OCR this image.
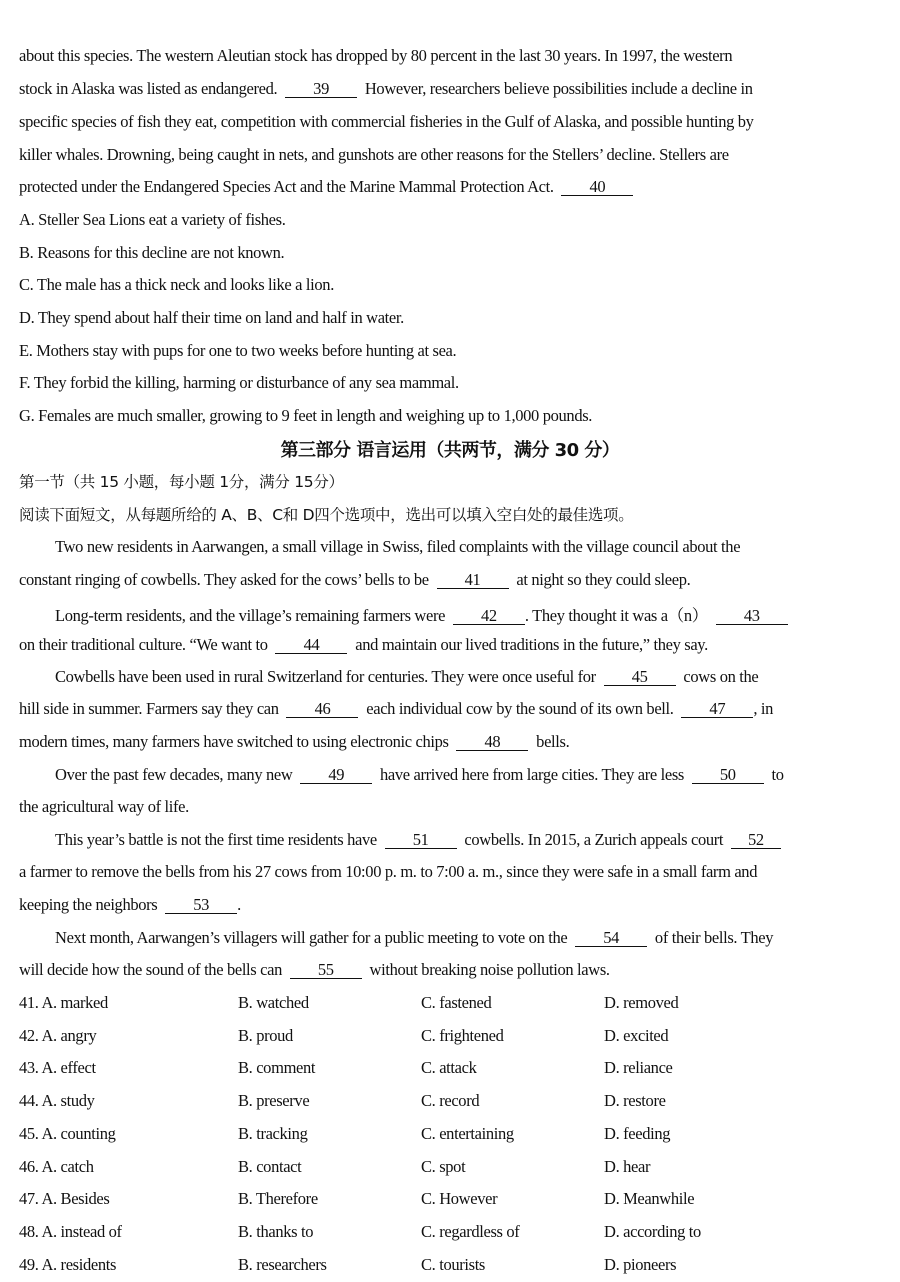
about this species. The western Aleutian stock has dropped by 80 percent in the last 30 years. In 1997, the western
stock in Alaska was listed as endangered. 39 However, researchers believe possibilities include a decline in
specific species of fish they eat, competition with commercial fisheries in the Gulf of Alaska, and possible hunting by
killer whales. Drowning, being caught in nets, and gunshots are other reasons for the Stellers’ decline. Stellers are
protected under the Endangered Species Act and the Marine Mammal Protection Act. 40
A. Steller Sea Lions eat a variety of fishes.
B. Reasons for this decline are not known.
C. The male has a thick neck and looks like a lion.
D. They spend about half their time on land and half in water.
E. Mothers stay with pups for one to two weeks before hunting at sea.
F. They forbid the killing, harming or disturbance of any sea mammal.
G. Females are much smaller, growing to 9 feet in length and weighing up to 1,000 pounds.
第三部分 语言运用（共两节，满分 30 分）
第一节（共 15 小题，每小题 1分，满分 15分）
阅读下面短文，从每题所给的 A、B、C和 D四个选项中，选出可以填入空白处的最佳选项。
Two new residents in Aarwangen, a small village in Swiss, filed complaints with the village council about the
constant ringing of cowbells. They asked for the cows’ bells to be 41 at night so they could sleep.
Long-term residents, and the village’s remaining farmers were 42 . They thought it was a（n） 43
on their traditional culture. “We want to 44 and maintain our lived traditions in the future,” they say.
Cowbells have been used in rural Switzerland for centuries. They were once useful for 45 cows on the
hill side in summer. Farmers say they can 46 each individual cow by the sound of its own bell. 47 , in
modern times, many farmers have switched to using electronic chips 48 bells.
Over the past few decades, many new 49 have arrived here from large cities. They are less 50 to
the agricultural way of life.
This year’s battle is not the first time residents have 51 cowbells. In 2015, a Zurich appeals court 52
a farmer to remove the bells from his 27 cows from 10:00 p. m. to 7:00 a. m., since they were safe in a small farm and
keeping the neighbors 53 .
Next month, Aarwangen’s villagers will gather for a public meeting to vote on the 54 of their bells. They
will decide how the sound of the bells can 55 without breaking noise pollution laws.
41. A. marked	B. watched	C. fastened	D. removed
42. A. angry	B. proud	C. frightened	D. excited
43. A. effect	B. comment	C. attack	D. reliance
44. A. study	B. preserve	C. record	D. restore
45. A. counting	B. tracking	C. entertaining	D. feeding
46. A. catch	B. contact	C. spot	D. hear
47. A. Besides	B. Therefore	C. However	D. Meanwhile
48. A. instead of	B. thanks to	C. regardless of	D. according to
49. A. residents	B. researchers	C. tourists	D. pioneers
